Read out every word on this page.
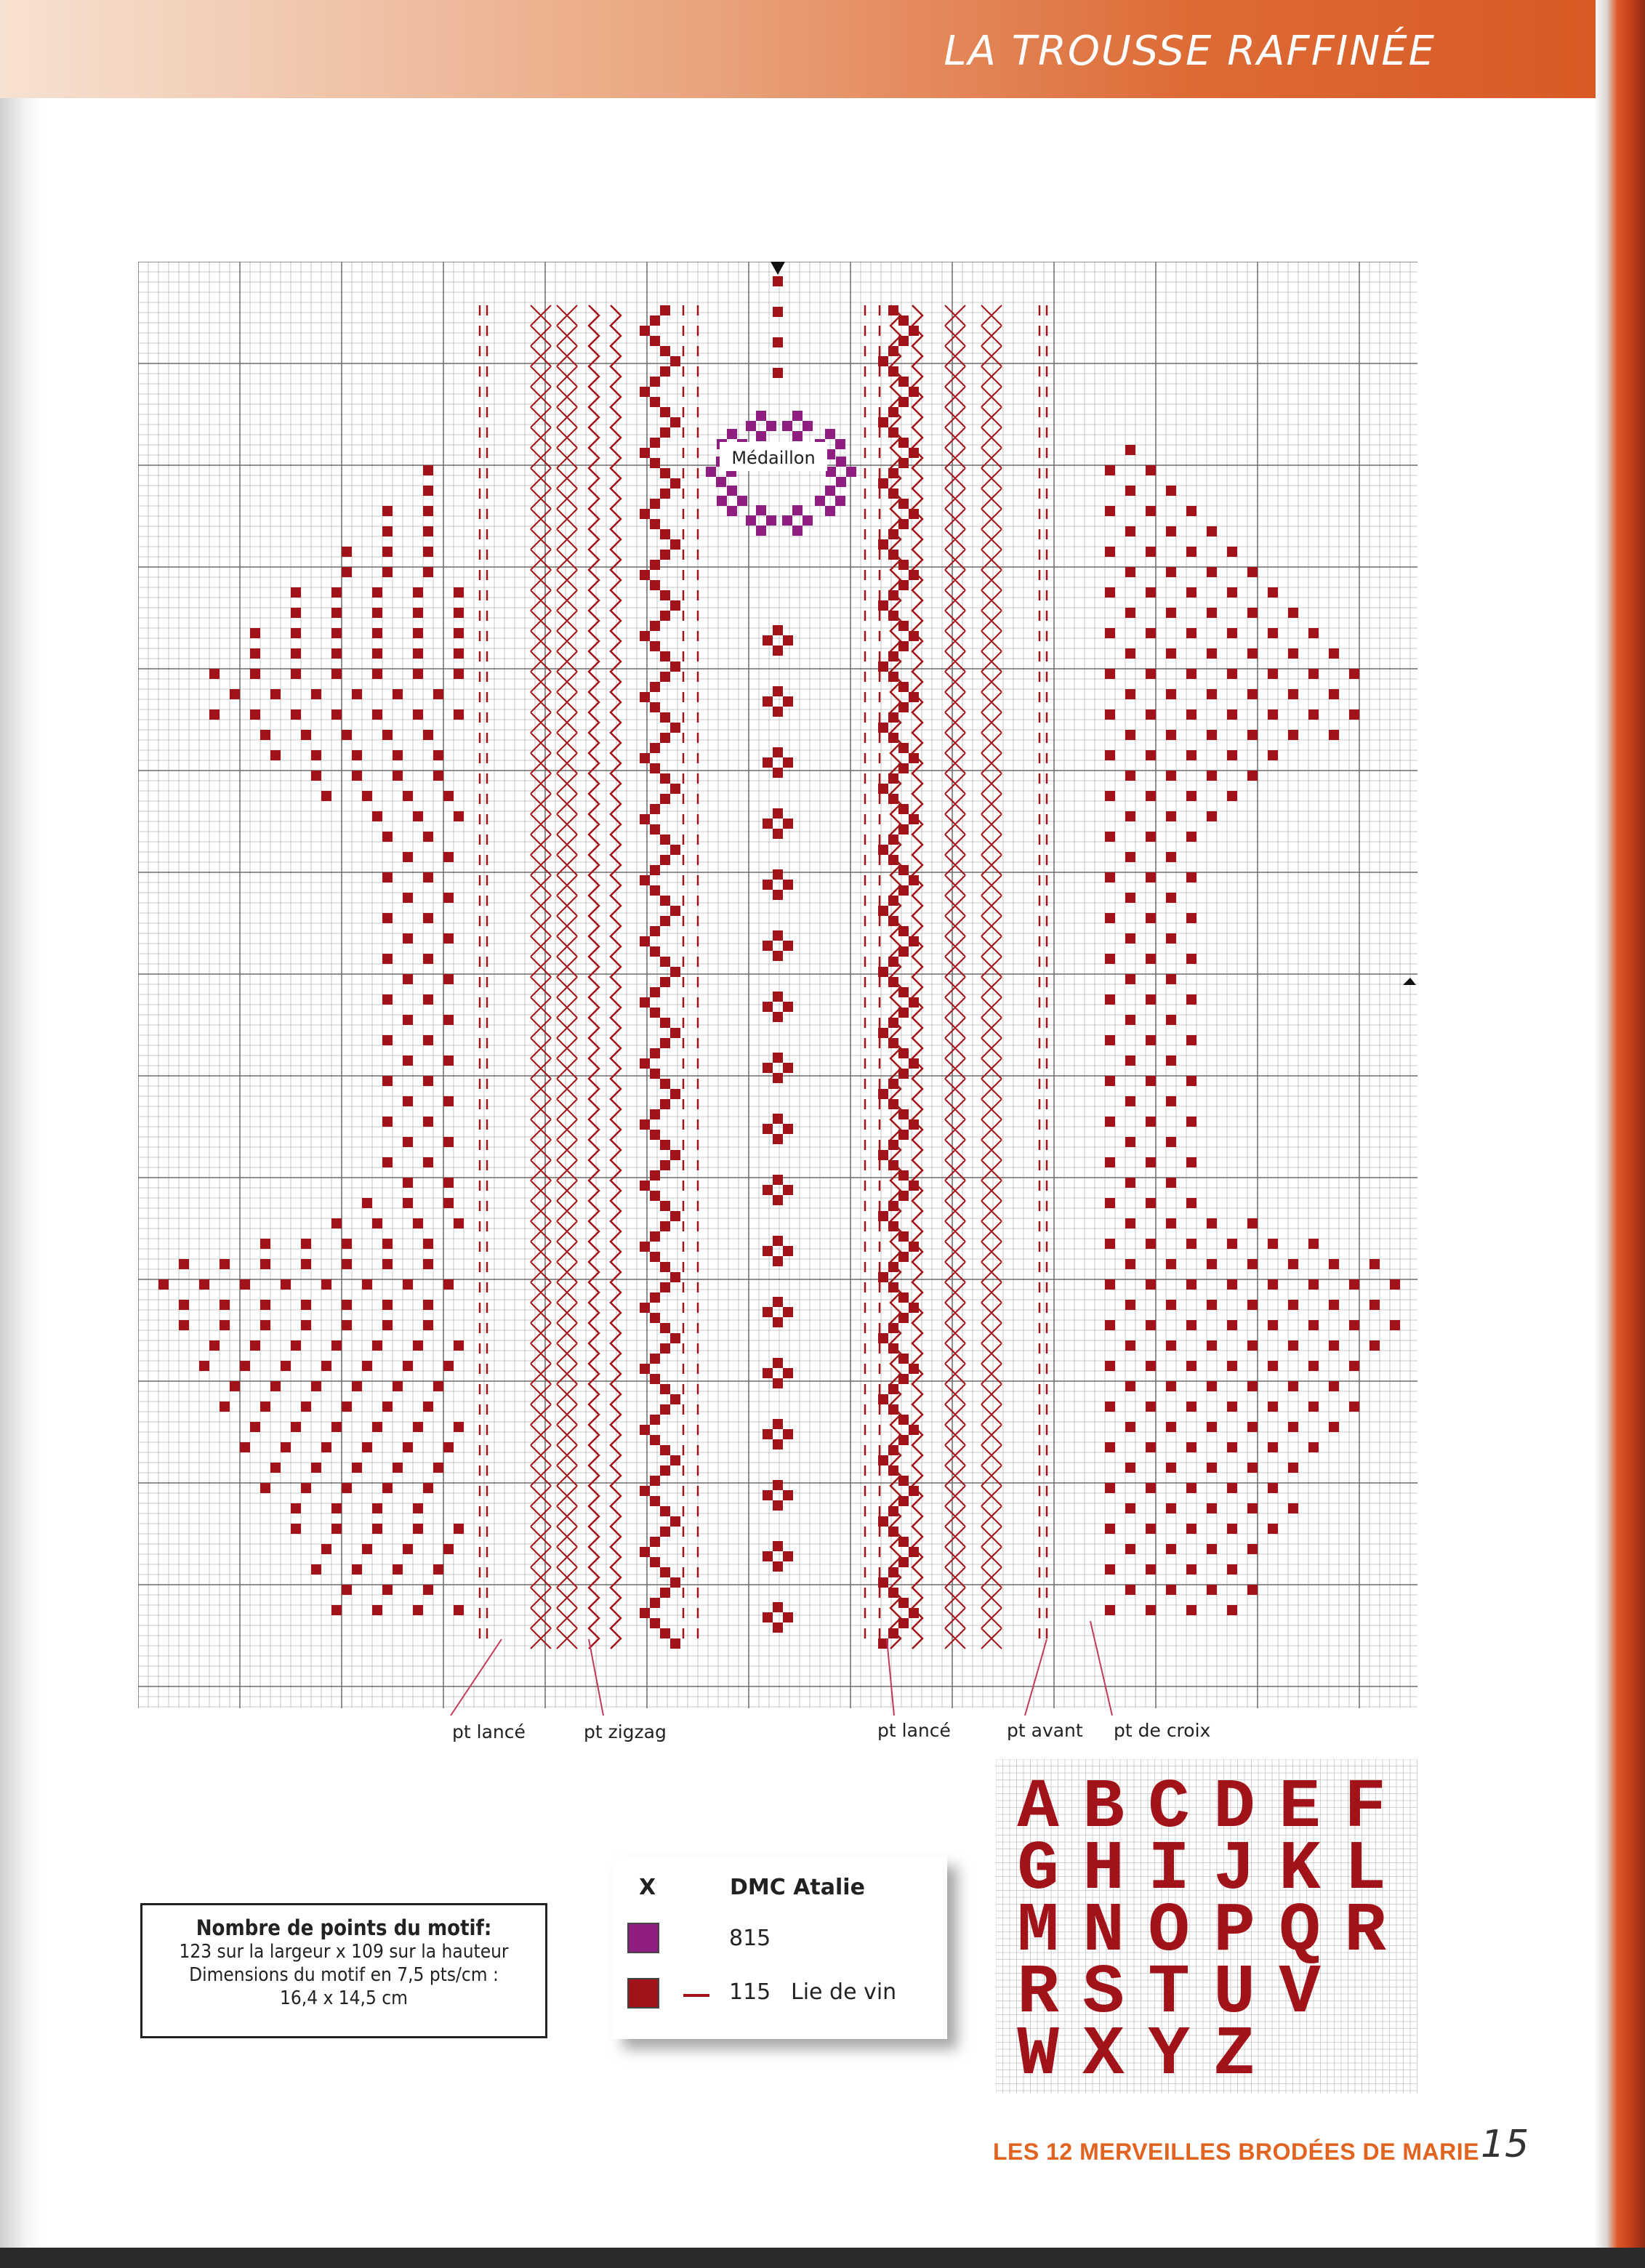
LA TROUSSE RAFFINÉE
Médaillon
pt lancé	pt zigzag	pt lancé	pt avant pt de croix
Nombre de points du motif:
123 sur la largeur x 109 sur la hauteur
Dimensions du motif en 7,5 pts/cm :
16,4 x 14,5 cm
X	DMC Atalie
815
115 Lie de vin
A B C D E F
G H I J K L
M N O P Q R
R S T U V
W X Y Z
LES 12 MERVEILLES BRODÉES DE MARIE 15
